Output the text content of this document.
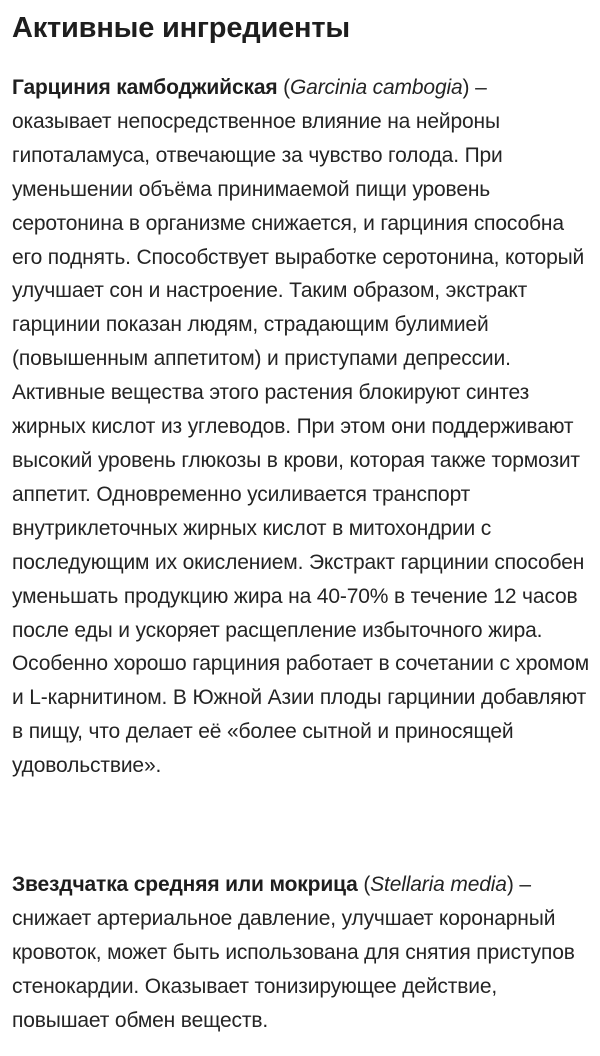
Активные ингредиенты

Гарциния камбоджийская (Garcinia cambogia) – оказывает непосредственное влияние на нейроны гипоталамуса, отвечающие за чувство голода. При уменьшении объёма принимаемой пищи уровень серотонина в организме снижается, и гарциния способна его поднять. Способствует выработке серотонина, который улучшает сон и настроение. Таким образом, экстракт гарцинии показан людям, страдающим булимией (повышенным аппетитом) и приступами депрессии. Активные вещества этого растения блокируют синтез жирных кислот из углеводов. При этом они поддерживают высокий уровень глюкозы в крови, которая также тормозит аппетит. Одновременно усиливается транспорт внутриклеточных жирных кислот в митохондрии с последующим их окислением. Экстракт гарцинии способен уменьшать продукцию жира на 40-70% в течение 12 часов после еды и ускоряет расщепление избыточного жира. Особенно хорошо гарциния работает в сочетании с хромом и L-карнитином. В Южной Азии плоды гарцинии добавляют в пищу, что делает её «более сытной и приносящей удовольствие».

Звездчатка средняя или мокрица (Stellaria media) – снижает артериальное давление, улучшает коронарный кровоток, может быть использована для снятия приступов стенокардии. Оказывает тонизирующее действие, повышает обмен веществ.
